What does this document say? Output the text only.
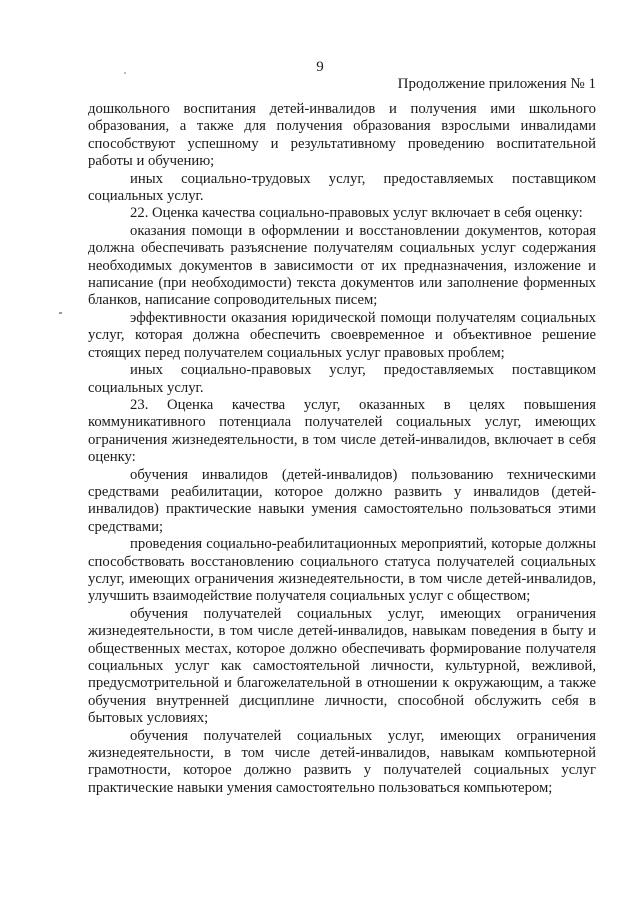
9
Продолжение приложения № 1

дошкольного воспитания детей-инвалидов и получения ими школьного образования, а также для получения образования взрослыми инвалидами способствуют успешному и результативному проведению воспитательной работы и обучению;

иных социально-трудовых услуг, предоставляемых поставщиком социальных услуг.

22. Оценка качества социально-правовых услуг включает в себя оценку:

оказания помощи в оформлении и восстановлении документов, которая должна обеспечивать разъяснение получателям социальных услуг содержания необходимых документов в зависимости от их предназначения, изложение и написание (при необходимости) текста документов или заполнение форменных бланков, написание сопроводительных писем;

эффективности оказания юридической помощи получателям социальных услуг, которая должна обеспечить своевременное и объективное решение стоящих перед получателем социальных услуг правовых проблем;

иных социально-правовых услуг, предоставляемых поставщиком социальных услуг.

23. Оценка качества услуг, оказанных в целях повышения коммуникативного потенциала получателей социальных услуг, имеющих ограничения жизнедеятельности, в том числе детей-инвалидов, включает в себя оценку:

обучения инвалидов (детей-инвалидов) пользованию техническими средствами реабилитации, которое должно развить у инвалидов (детей-инвалидов) практические навыки умения самостоятельно пользоваться этими средствами;

проведения социально-реабилитационных мероприятий, которые должны способствовать восстановлению социального статуса получателей социальных услуг, имеющих ограничения жизнедеятельности, в том числе детей-инвалидов, улучшить взаимодействие получателя социальных услуг с обществом;

обучения получателей социальных услуг, имеющих ограничения жизнедеятельности, в том числе детей-инвалидов, навыкам поведения в быту и общественных местах, которое должно обеспечивать формирование получателя социальных услуг как самостоятельной личности, культурной, вежливой, предусмотрительной и благожелательной в отношении к окружающим, а также обучения внутренней дисциплине личности, способной обслужить себя в бытовых условиях;

обучения получателей социальных услуг, имеющих ограничения жизнедеятельности, в том числе детей-инвалидов, навыкам компьютерной грамотности, которое должно развить у получателей социальных услуг практические навыки умения самостоятельно пользоваться компьютером;
